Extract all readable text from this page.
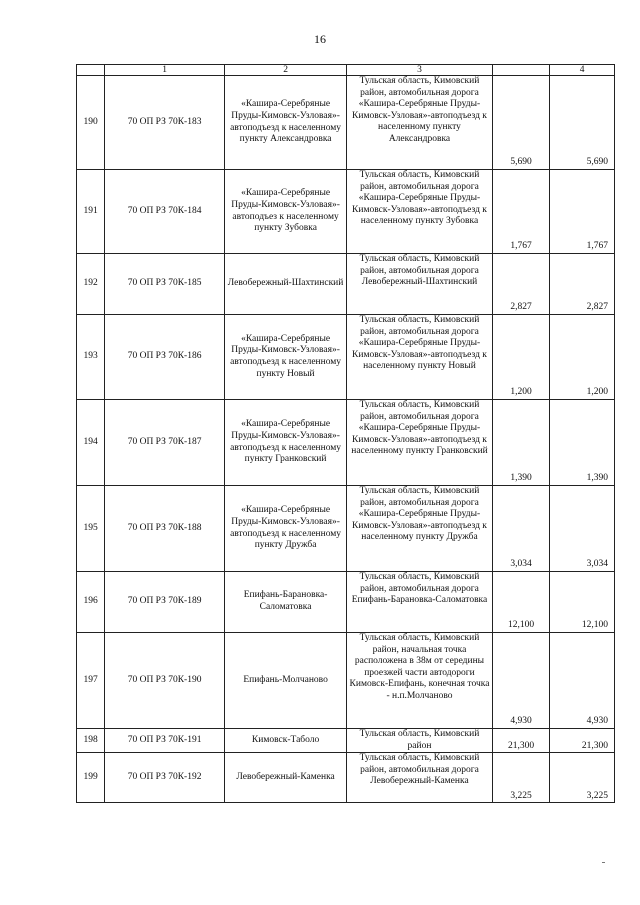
16
	1	2	3		4
190	70 ОП РЗ 70К-183	«Кашира-Серебряные Пруды-Кимовск-Узловая»-автоподъезд к населенному пункту Александровка	Тульская область, Кимовский район, автомобильная дорога «Кашира-Серебряные Пруды-Кимовск-Узловая»-автоподъезд к населенному пункту Александровка	5,690	5,690
191	70 ОП РЗ 70К-184	«Кашира-Серебряные Пруды-Кимовск-Узловая»-автоподъез к населенному пункту Зубовка	Тульская область, Кимовский район, автомобильная дорога «Кашира-Серебряные Пруды-Кимовск-Узловая»-автоподъезд к населенному пункту Зубовка	1,767	1,767
192	70 ОП РЗ 70К-185	Левобережный-Шахтинский	Тульская область, Кимовский район, автомобильная дорога Левобережный-Шахтинский	2,827	2,827
193	70 ОП РЗ 70К-186	«Кашира-Серебряные Пруды-Кимовск-Узловая»-автоподъезд к населенному пункту Новый	Тульская область, Кимовский район, автомобильная дорога «Кашира-Серебряные Пруды-Кимовск-Узловая»-автоподъезд к населенному пункту Новый	1,200	1,200
194	70 ОП РЗ 70К-187	«Кашира-Серебряные Пруды-Кимовск-Узловая»-автоподъезд к населенному пункту Гранковский	Тульская область, Кимовский район, автомобильная дорога «Кашира-Серебряные Пруды-Кимовск-Узловая»-автоподъезд к населенному пункту Гранковский	1,390	1,390
195	70 ОП РЗ 70К-188	«Кашира-Серебряные Пруды-Кимовск-Узловая»-автоподъезд к населенному пункту Дружба	Тульская область, Кимовский район, автомобильная дорога «Кашира-Серебряные Пруды-Кимовск-Узловая»-автоподъезд к населенному пункту Дружба	3,034	3,034
196	70 ОП РЗ 70К-189	Епифань-Барановка-Саломатовка	Тульская область, Кимовский район, автомобильная дорога Епифань-Барановка-Саломатовка	12,100	12,100
197	70 ОП РЗ 70К-190	Епифань-Молчаново	Тульская область, Кимовский район, начальная точка расположена в 38м от середины проезжей части автодороги Кимовск-Епифань, конечная точка - н.п.Молчаново	4,930	4,930
198	70 ОП РЗ 70К-191	Кимовск-Таболо	Тульская область, Кимовский район	21,300	21,300
199	70 ОП РЗ 70К-192	Левобережный-Каменка	Тульская область, Кимовский район, автомобильная дорога Левобережный-Каменка	3,225	3,225
